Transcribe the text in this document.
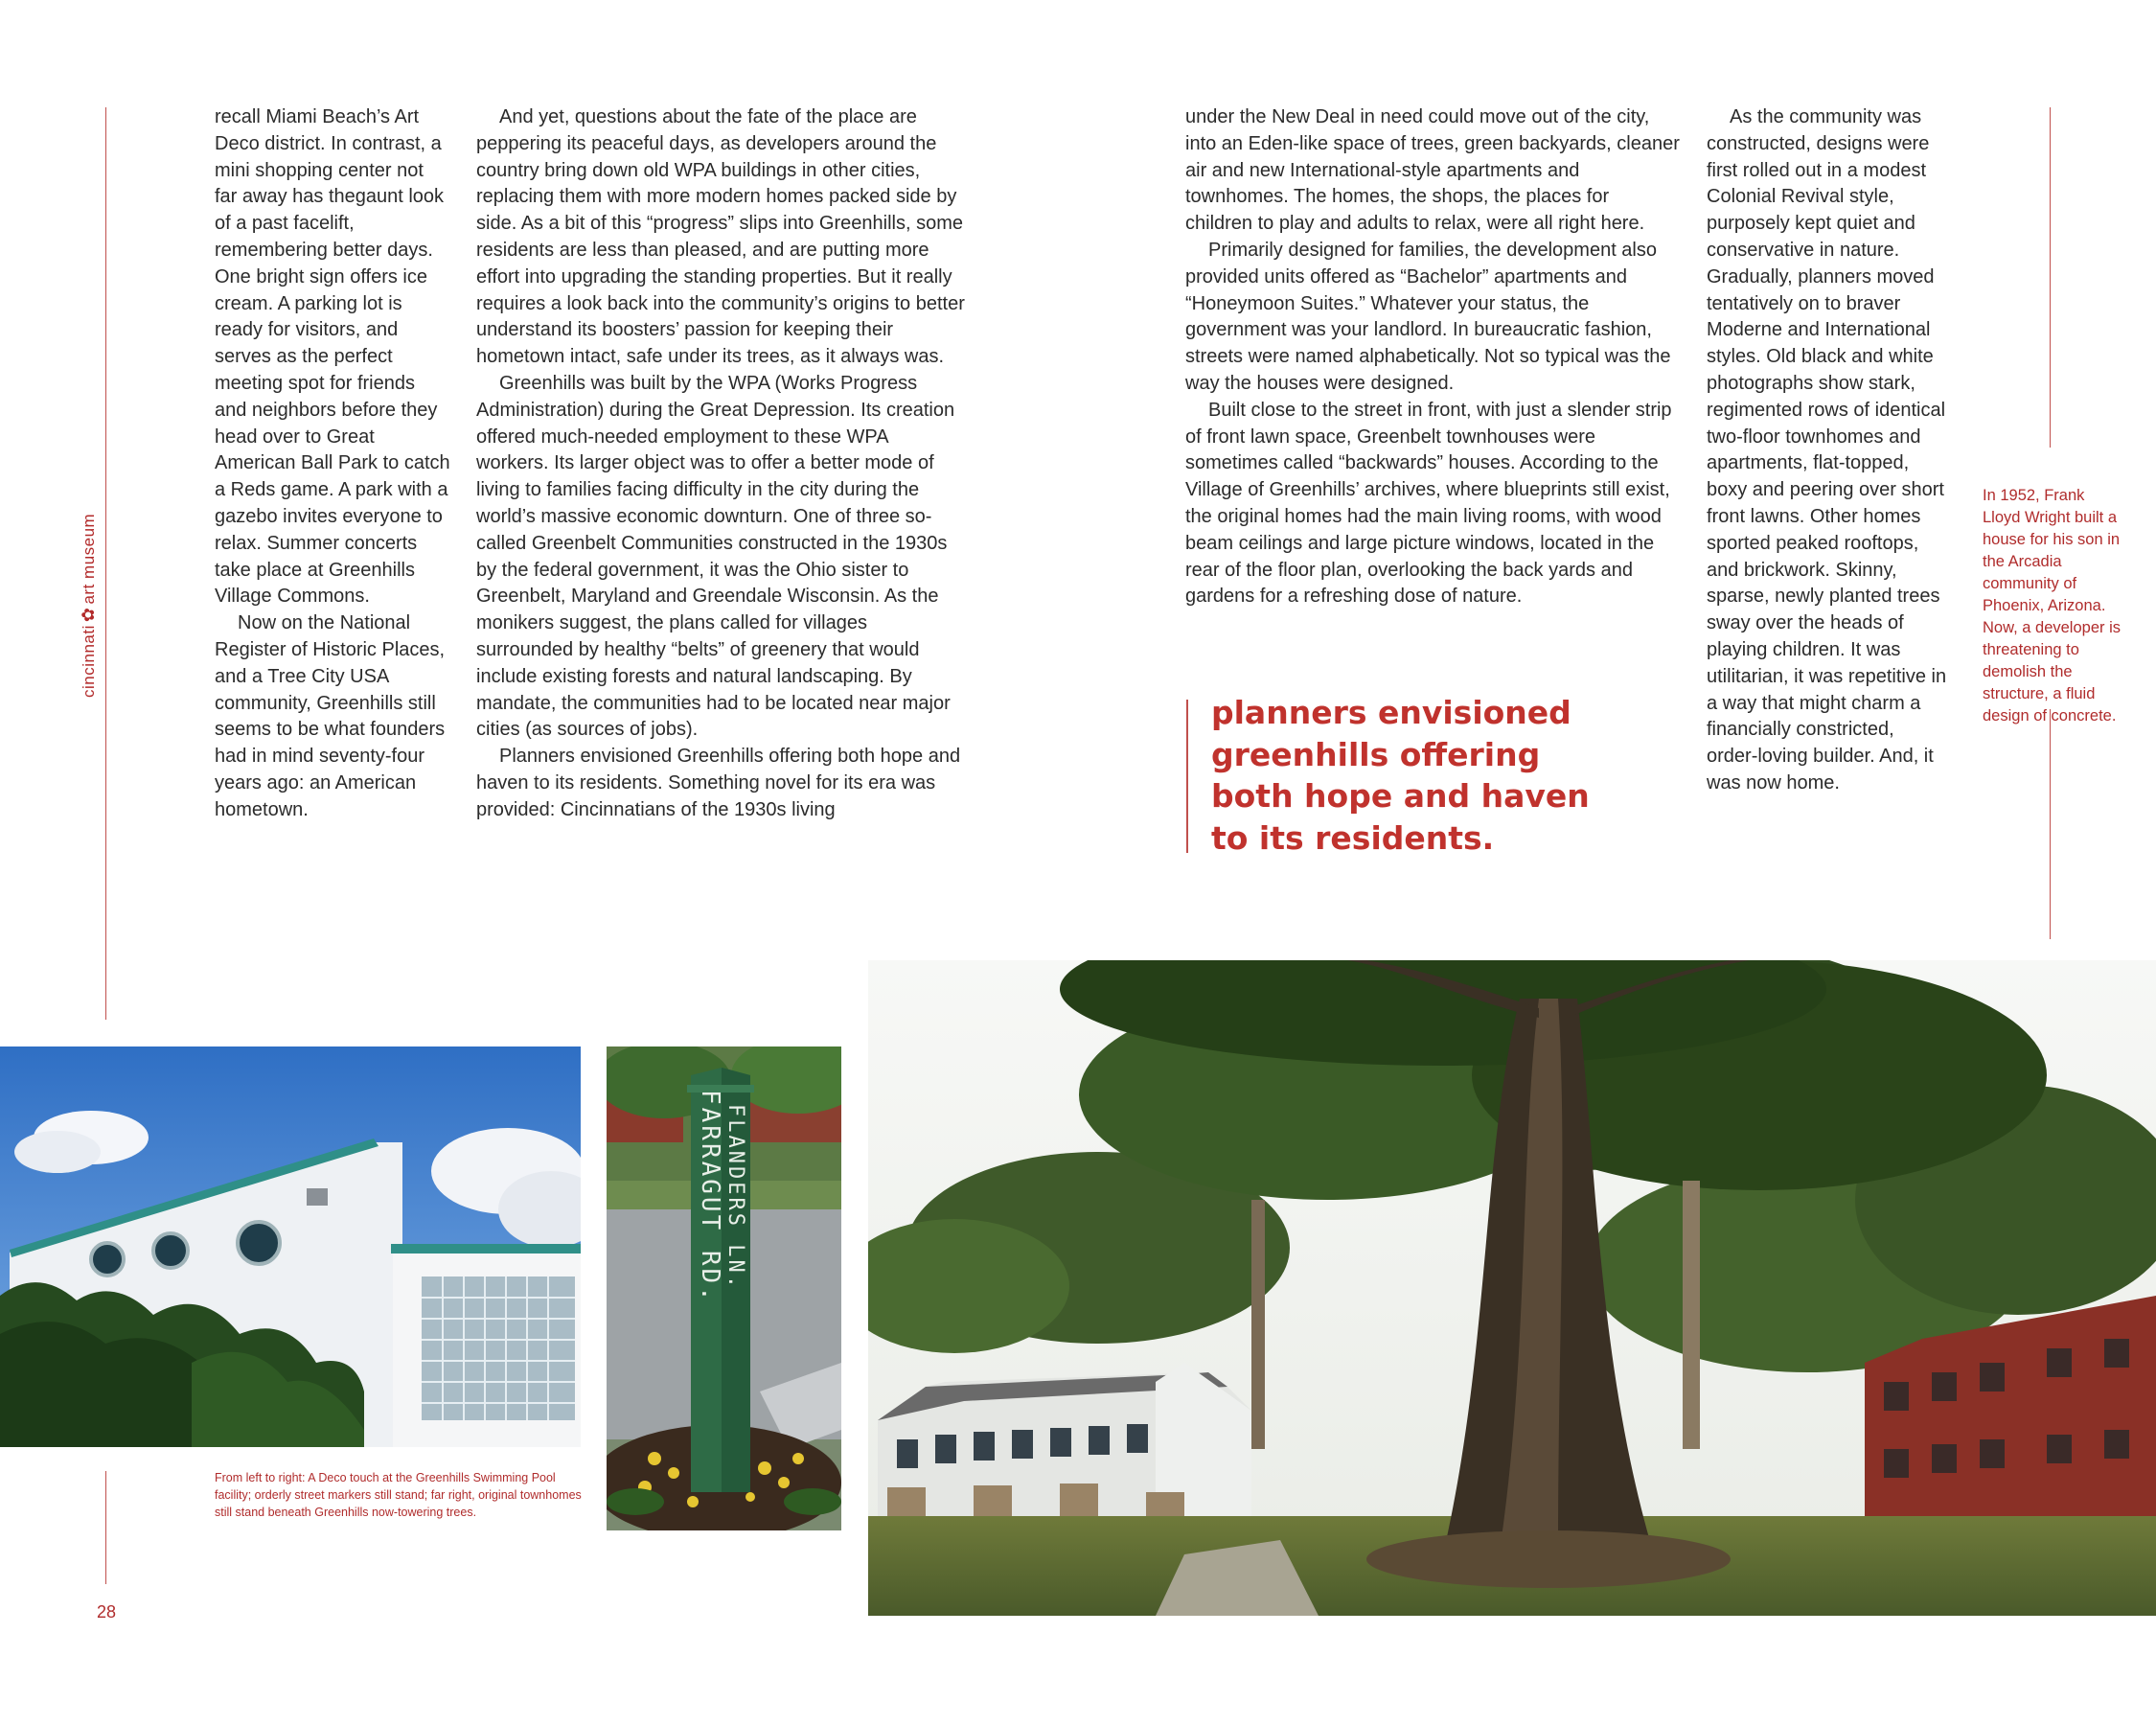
cincinnati✿art museum

recall Miami Beach’s Art Deco district. In contrast, a mini shopping center not far away has thegaunt look of a past facelift, remembering better days. One bright sign offers ice cream. A parking lot is ready for visitors, and serves as the perfect meeting spot for friends and neighbors before they head over to Great American Ball Park to catch a Reds game. A park with a gazebo invites everyone to relax. Summer concerts take place at Greenhills Village Commons.

Now on the National Register of Historic Places, and a Tree City USA community, Greenhills still seems to be what founders had in mind seventy-four years ago: an American hometown.

And yet, questions about the fate of the place are peppering its peaceful days, as developers around the country bring down old WPA buildings in other cities, replacing them with more modern homes packed side by side. As a bit of this “progress” slips into Greenhills, some residents are less than pleased, and are putting more effort into upgrading the standing properties. But it really requires a look back into the community’s origins to better understand its boosters’ passion for keeping their hometown intact, safe under its trees, as it always was.

Greenhills was built by the WPA (Works Progress Administration) during the Great Depression. Its creation offered much-needed employment to these WPA workers. Its larger object was to offer a better mode of living to families facing difficulty in the city during the world’s massive economic downturn. One of three so-called Greenbelt Communities constructed in the 1930s by the federal government, it was the Ohio sister to Greenbelt, Maryland and Greendale Wisconsin. As the monikers suggest, the plans called for villages surrounded by healthy “belts” of greenery that would include existing forests and natural landscaping. By mandate, the communities had to be located near major cities (as sources of jobs).

Planners envisioned Greenhills offering both hope and haven to its residents. Something novel for its era was provided: Cincinnatians of the 1930s living

under the New Deal in need could move out of the city, into an Eden-like space of trees, green backyards, cleaner air and new International-style apartments and townhomes. The homes, the shops, the places for children to play and adults to relax, were all right here.

Primarily designed for families, the development also provided units offered as “Bachelor” apartments and “Honeymoon Suites.” Whatever your status, the government was your landlord. In bureaucratic fashion, streets were named alphabetically. Not so typical was the way the houses were designed.

Built close to the street in front, with just a slender strip of front lawn space, Greenbelt townhouses were sometimes called “backwards” houses. According to the Village of Greenhills’ archives, where blueprints still exist, the original homes had the main living rooms, with wood beam ceilings and large picture windows, located in the rear of the floor plan, overlooking the back yards and gardens for a refreshing dose of nature.

As the community was constructed, designs were first rolled out in a modest Colonial Revival style, purposely kept quiet and conservative in nature. Gradually, planners moved tentatively on to braver Moderne and International styles. Old black and white photographs show stark, regimented rows of identical two-floor townhomes and apartments, flat-topped, boxy and peering over short front lawns. Other homes sported peaked rooftops, and brickwork. Skinny, sparse, newly planted trees sway over the heads of playing children. It was utilitarian, it was repetitive in a way that might charm a financially constricted, order-loving builder. And, it was now home.

planners envisioned greenhills offering both hope and haven to its residents.
In 1952, Frank Lloyd Wright built a house for his son in the Arcadia community of Phoenix, Arizona. Now, a developer is threatening to demolish the structure, a fluid design of concrete.
FARRAGUT RD. FLANDERS LN.
From left to right: A Deco touch at the Greenhills Swimming Pool facility; orderly street markers still stand; far right, original townhomes still stand beneath Greenhills now-towering trees.
28
